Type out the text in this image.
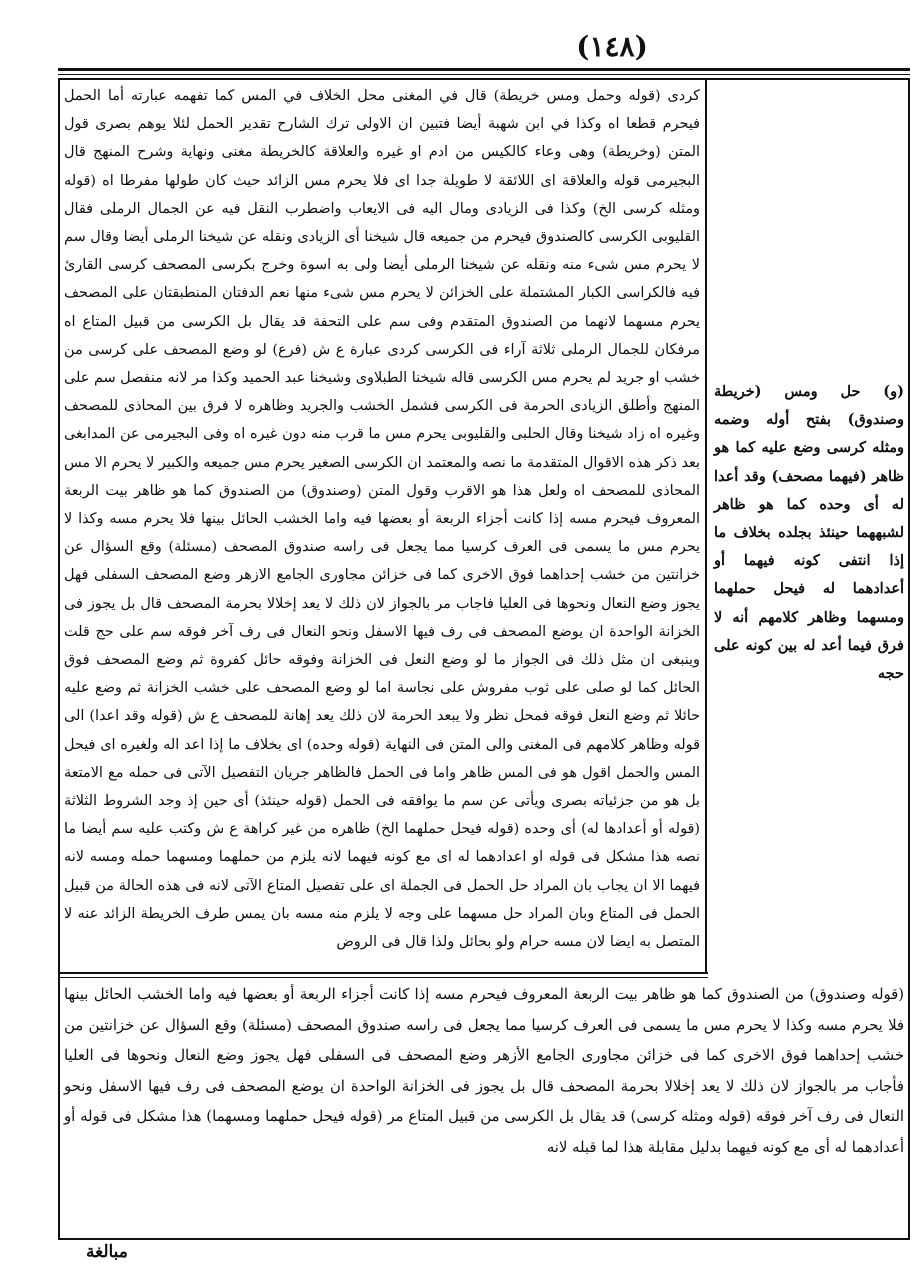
(١٤٨)

كردى (قوله وحمل ومس خريطة) قال في المغنى محل الخلاف في المس كما تفهمه عبارته أما الحمل فيحرم قطعا اه وكذا في ابن شهبة أيضا فتبين ان الاولى ترك الشارح تقدير الحمل لئلا يوهم بصرى قول المتن (وخريطة) وهى وعاء كالكيس من ادم او غيره والعلاقة كالخريطة مغنى ونهاية وشرح المنهج قال البجيرمى قوله والعلاقة اى اللائقة لا طويلة جدا اى فلا يحرم مس الزائد حيث كان طولها مفرطا اه (قوله ومثله كرسى الخ) وكذا فى الزيادى ومال اليه فى الايعاب واضطرب النقل فيه عن الجمال الرملى فقال القليوبى الكرسى كالصندوق فيحرم من جميعه قال شيخنا أى الزيادى ونقله عن شيخنا الرملى أيضا وقال سم لا يحرم مس شىء منه ونقله عن شيخنا الرملى أيضا ولى به اسوة وخرج بكرسى المصحف كرسى القارئ فيه فالكراسى الكبار المشتملة على الخزائن لا يحرم مس شىء منها نعم الدفتان المنطبقتان على المصحف يحرم مسهما لانهما من الصندوق المتقدم وفى سم على التحفة قد يقال بل الكرسى من قبيل المتاع اه مرفكان للجمال الرملى ثلاثة آراء فى الكرسى كردى عبارة ع ش (فرع) لو وضع المصحف على كرسى من خشب او جريد لم يحرم مس الكرسى قاله شيخنا الطبلاوى وشيخنا عبد الحميد وكذا مر لانه منفصل سم على المنهج وأطلق الزيادى الحرمة فى الكرسى فشمل الخشب والجريد وظاهره لا فرق بين المحاذى للمصحف وغيره اه زاد شيخنا وقال الحلبى والقليوبى يحرم مس ما قرب منه دون غيره اه وفى البجيرمى عن المدابغى بعد ذكر هذه الاقوال المتقدمة ما نصه والمعتمد ان الكرسى الصغير يحرم مس جميعه والكبير لا يحرم الا مس المحاذى للمصحف اه ولعل هذا هو الاقرب وقول المتن (وصندوق) من الصندوق كما هو ظاهر بيت الربعة المعروف فيحرم مسه إذا كانت أجزاء الربعة أو بعضها فيه واما الخشب الحائل بينها فلا يحرم مسه وكذا لا يحرم مس ما يسمى فى العرف كرسيا مما يجعل فى راسه صندوق المصحف (مسئلة) وقع السؤال عن خزانتين من خشب إحداهما فوق الاخرى كما فى خزائن مجاورى الجامع الازهر وضع المصحف السفلى فهل يجوز وضع النعال ونحوها فى العليا فاجاب مر بالجواز لان ذلك لا يعد إخلالا بحرمة المصحف قال بل يجوز فى الخزانة الواحدة ان يوضع المصحف فى رف فيها الاسفل ونحو النعال فى رف آخر فوقه سم على حج قلت وينبغى ان مثل ذلك فى الجواز ما لو وضع النعل فى الخزانة وفوقه حائل كفروة ثم وضع المصحف فوق الحائل كما لو صلى على ثوب مفروش على نجاسة اما لو وضع المصحف على خشب الخزانة ثم وضع عليه حائلا ثم وضع النعل فوقه فمحل نظر ولا يبعد الحرمة لان ذلك يعد إهانة للمصحف ع ش (قوله وقد اعدا) الى قوله وظاهر كلامهم فى المغنى والى المتن فى النهاية (قوله وحده) اى بخلاف ما إذا اعد اله ولغيره اى فيحل المس والحمل اقول هو فى المس ظاهر واما فى الحمل فالظاهر جريان التفصيل الآتى فى حمله مع الامتعة بل هو من جزئياته بصرى ويأتى عن سم ما يوافقه فى الحمل (قوله حينئذ) أى حين إذ وجد الشروط الثلاثة (قوله أو أعدادها له) أى وحده (قوله فيحل حملهما الخ) ظاهره من غير كراهة ع ش وكتب عليه سم أيضا ما نصه هذا مشكل فى قوله او اعدادهما له اى مع كونه فيهما لانه يلزم من حملهما ومسهما حمله ومسه لانه فيهما الا ان يجاب بان المراد حل الحمل فى الجملة اى على تفصيل المتاع الآتى لانه فى هذه الحالة من قبيل الحمل فى المتاع وبان المراد حل مسهما على وجه لا يلزم منه مسه بان يمس طرف الخريطة الزائد عنه لا المتصل به ايضا لان مسه حرام ولو بحائل ولذا قال فى الروض

(و) حل ومس (خريطة وصندوق) بفتح أوله وضمه ومثله كرسى وضع عليه كما هو ظاهر (فيهما مصحف) وقد أعدا له أى وحده كما هو ظاهر لشبههما حينئذ بجلده بخلاف ما إذا انتفى كونه فيهما أو أعدادهما له فيحل حملهما ومسهما وظاهر كلامهم أنه لا فرق فيما أعد له بين كونه على حجه

(قوله وصندوق) من الصندوق كما هو ظاهر بيت الربعة المعروف فيحرم مسه إذا كانت أجزاء الربعة أو بعضها فيه واما الخشب الحائل بينها فلا يحرم مسه وكذا لا يحرم مس ما يسمى فى العرف كرسيا مما يجعل فى راسه صندوق المصحف (مسئلة) وقع السؤال عن خزانتين من خشب إحداهما فوق الاخرى كما فى خزائن مجاورى الجامع الأزهر وضع المصحف فى السفلى فهل يجوز وضع النعال ونحوها فى العليا فأجاب مر بالجواز لان ذلك لا يعد إخلالا بحرمة المصحف قال بل يجوز فى الخزانة الواحدة ان يوضع المصحف فى رف فيها الاسفل ونحو النعال فى رف آخر فوقه (قوله ومثله كرسى) قد يقال بل الكرسى من قبيل المتاع مر (قوله فيحل حملهما ومسهما) هذا مشكل فى قوله أو أعدادهما له أى مع كونه فيهما بدليل مقابلة هذا لما قبله لانه

مبالغة
